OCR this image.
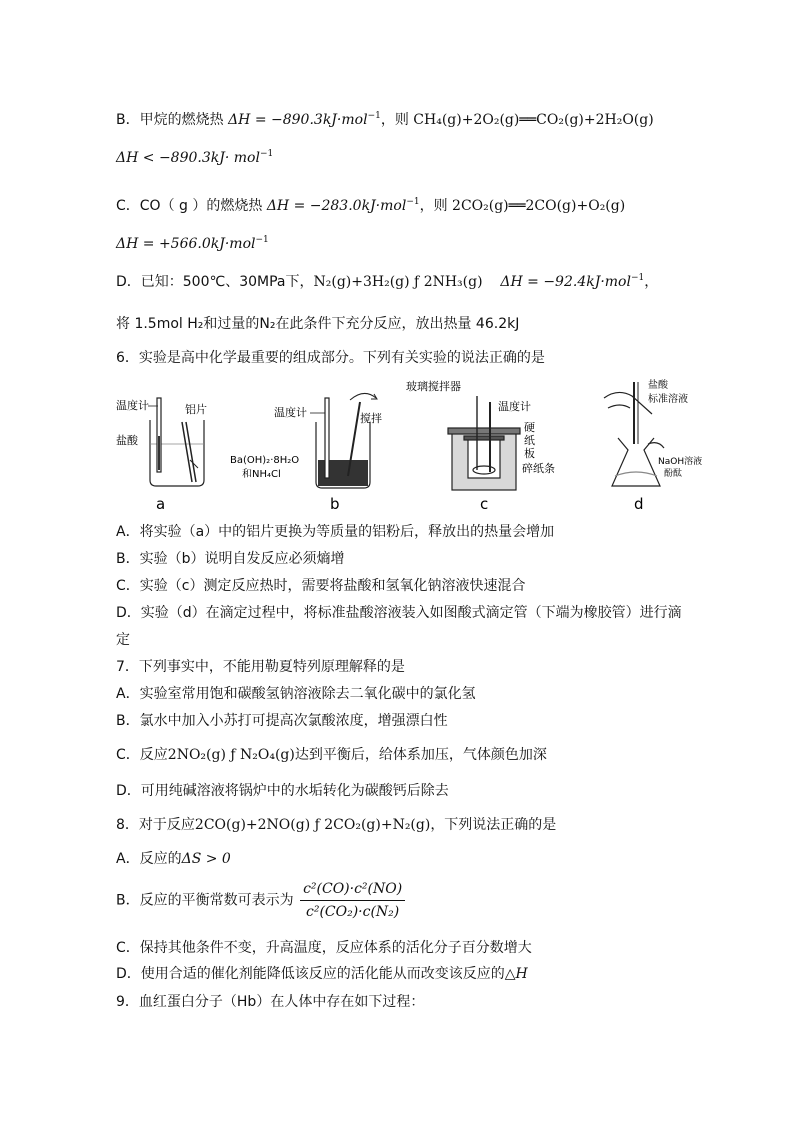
B．甲烷的燃烧热 ΔH = −890.3kJ·mol$^{-1}$，则 CH₄(g)+2O₂(g)══CO₂(g)+2H₂O(g)
ΔH < −890.3kJ· mol$^{-1}$
C．CO（ g ）的燃烧热 ΔH = −283.0kJ·mol$^{-1}$，则 2CO₂(g)══2CO(g)+O₂(g)
ΔH = +566.0kJ·mol$^{-1}$
D．已知：500℃、30MPa下，N₂(g)+3H₂(g) ƒ 2NH₃(g) ΔH = −92.4kJ·mol$^{-1}$，
将 1.5mol H₂和过量的N₂在此条件下充分反应，放出热量 46.2kJ
6．实验是高中化学最重要的组成部分。下列有关实验的说法正确的是
温度计	铝片
盐酸
a
温度计	搅拌
Ba(OH)₂·8H₂O
和NH₄Cl
b
玻璃搅拌器
温度计
硬
纸
板
碎纸条
c
盐酸
标准溶液
NaOH溶液
酚酞
d
A．将实验（a）中的铝片更换为等质量的铝粉后，释放出的热量会增加
B．实验（b）说明自发反应必须熵增
C．实验（c）测定反应热时，需要将盐酸和氢氧化钠溶液快速混合
D．实验（d）在滴定过程中，将标准盐酸溶液装入如图酸式滴定管（下端为橡胶管）进行滴
定
7．下列事实中，不能用勒夏特列原理解释的是
A．实验室常用饱和碳酸氢钠溶液除去二氧化碳中的氯化氢
B．氯水中加入小苏打可提高次氯酸浓度，增强漂白性
C．反应2NO₂(g) ƒ N₂O₄(g)达到平衡后，给体系加压，气体颜色加深
D．可用纯碱溶液将锅炉中的水垢转化为碳酸钙后除去
8．对于反应2CO(g)+2NO(g) ƒ 2CO₂(g)+N₂(g)，下列说法正确的是
A．反应的ΔS > 0
B．反应的平衡常数可表示为 $\frac{\text{c²(CO)·c²(NO)}}{\text{c²(CO₂)·c(N₂)}}$
C．保持其他条件不变，升高温度，反应体系的活化分子百分数增大
D．使用合适的催化剂能降低该反应的活化能从而改变该反应的△H
9．血红蛋白分子（Hb）在人体中存在如下过程：
